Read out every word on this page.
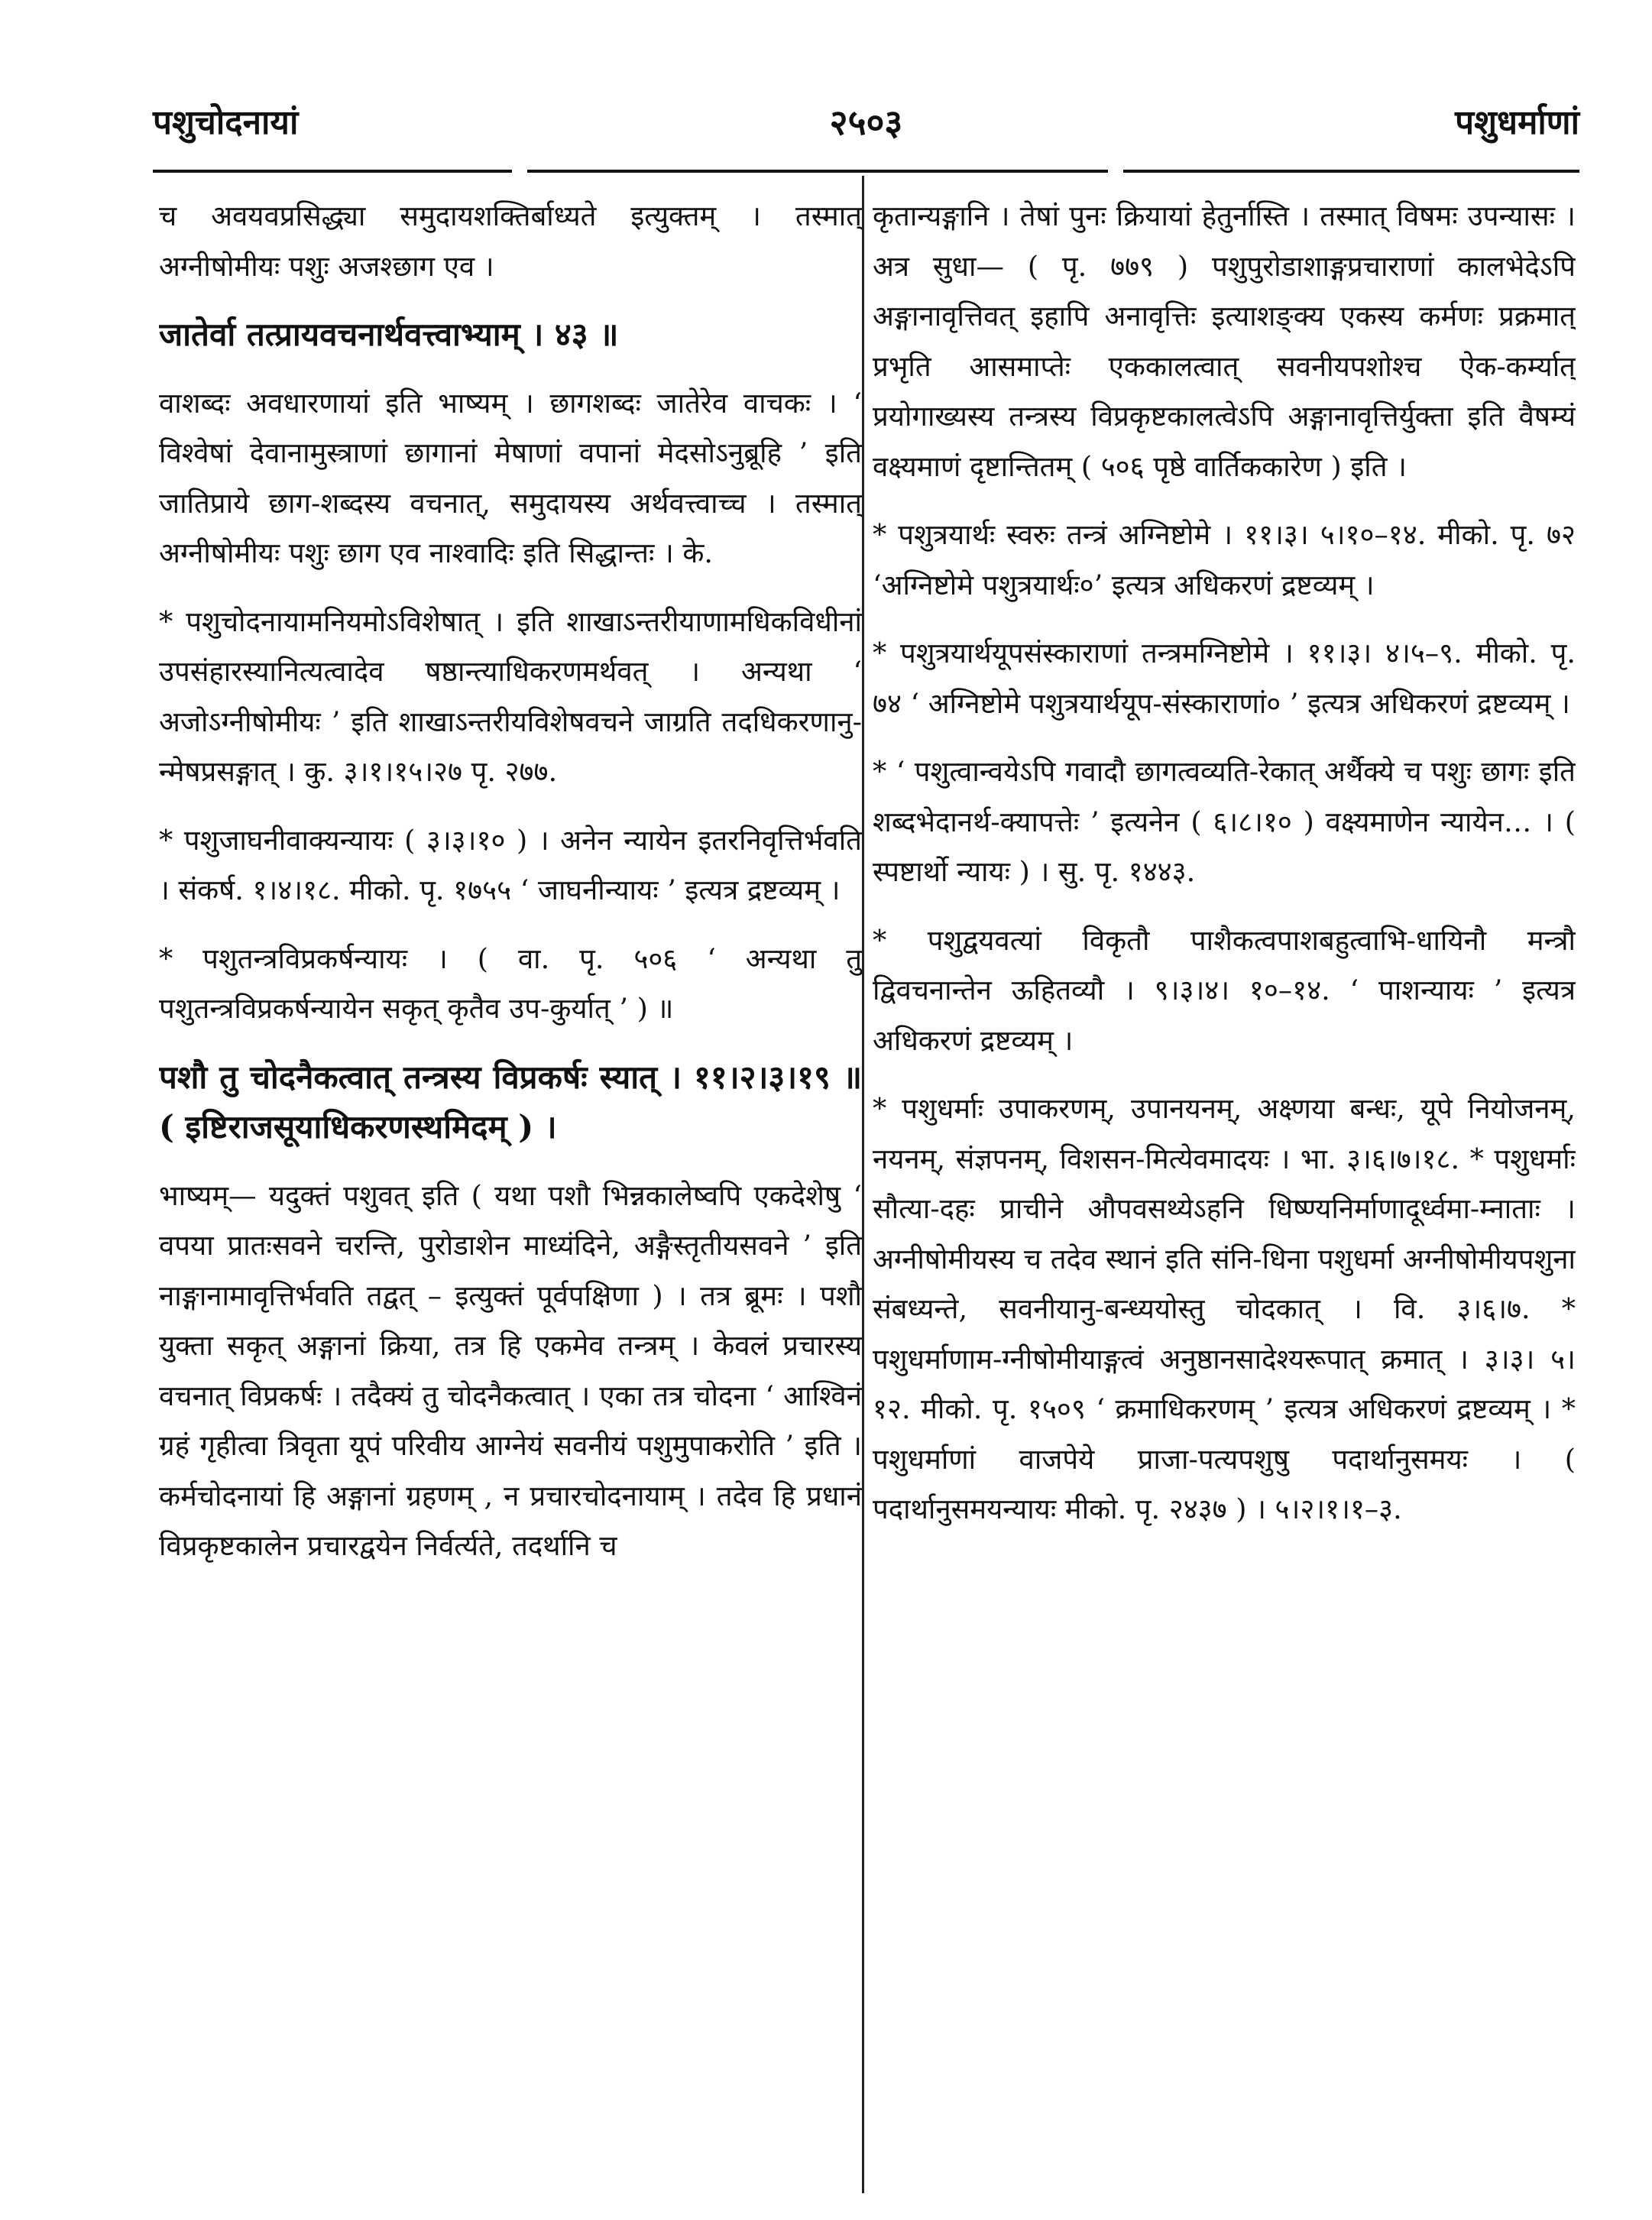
पशुचोदनायां	२५०३	पशुधर्माणां

च अवयवप्रसिद्ध्या समुदायशक्तिर्बाध्यते इत्युक्तम् । तस्मात् अग्नीषोमीयः पशुः अजश्छाग एव ।

जातेर्वा तत्प्रायवचनार्थवत्त्वाभ्याम् । ४३ ॥

वाशब्दः अवधारणायां इति भाष्यम् । छागशब्दः जातेरेव वाचकः । ‘ विश्वेषां देवानामुस्त्राणां छागानां मेषाणां वपानां मेदसोऽनुब्रूहि ’ इति जातिप्राये छाग-शब्दस्य वचनात्, समुदायस्य अर्थवत्त्वाच्च । तस्मात् अग्नीषोमीयः पशुः छाग एव नाश्वादिः इति सिद्धान्तः । के.

* पशुचोदनायामनियमोऽविशेषात् । इति शाखाऽन्तरीयाणामधिकविधीनां उपसंहारस्यानित्यत्वादेव षष्ठान्त्याधिकरणमर्थवत् । अन्यथा ‘ अजोऽग्नीषोमीयः ’ इति शाखाऽन्तरीयविशेषवचने जाग्रति तदधिकरणानु-न्मेषप्रसङ्गात् । कु. ३।१।१५।२७ पृ. २७७.

* पशुजाघनीवाक्यन्यायः ( ३।३।१० ) । अनेन न्यायेन इतरनिवृत्तिर्भवति । संकर्ष. १।४।१८. मीको. पृ. १७५५ ‘ जाघनीन्यायः ’ इत्यत्र द्रष्टव्यम् ।

* पशुतन्त्रविप्रकर्षन्यायः । ( वा. पृ. ५०६ ‘ अन्यथा तु पशुतन्त्रविप्रकर्षन्यायेन सकृत् कृतैव उप-कुर्यात् ’ ) ॥

पशौ तु चोदनैकत्वात् तन्त्रस्य विप्रकर्षः स्यात् । ११।२।३।१९ ॥ ( इष्टिराजसूयाधिकरणस्थमिदम् ) ।

भाष्यम्— यदुक्तं पशुवत् इति ( यथा पशौ भिन्नकालेष्वपि एकदेशेषु ‘ वपया प्रातःसवने चरन्ति, पुरोडाशेन माध्यंदिने, अङ्गैस्तृतीयसवने ’ इति नाङ्गानामावृत्तिर्भवति तद्वत् – इत्युक्तं पूर्वपक्षिणा ) । तत्र ब्रूमः । पशौ युक्ता सकृत् अङ्गानां क्रिया, तत्र हि एकमेव तन्त्रम् । केवलं प्रचारस्य वचनात् विप्रकर्षः । तदैक्यं तु चोदनैकत्वात् । एका तत्र चोदना ‘ आश्विनं ग्रहं गृहीत्वा त्रिवृता यूपं परिवीय आग्नेयं सवनीयं पशुमुपाकरोति ’ इति । कर्मचोदनायां हि अङ्गानां ग्रहणम् , न प्रचारचोदनायाम् । तदेव हि प्रधानं विप्रकृष्टकालेन प्रचारद्वयेन निर्वर्त्यते, तदर्थानि च

कृतान्यङ्गानि । तेषां पुनः क्रियायां हेतुर्नास्ति । तस्मात् विषमः उपन्यासः । अत्र सुधा— ( पृ. ७७९ ) पशुपुरोडाशाङ्गप्रचाराणां कालभेदेऽपि अङ्गानावृत्तिवत् इहापि अनावृत्तिः इत्याशङ्क्य एकस्य कर्मणः प्रक्रमात् प्रभृति आसमाप्तेः एककालत्वात् सवनीयपशोश्च ऐक-कर्म्यात् प्रयोगाख्यस्य तन्त्रस्य विप्रकृष्टकालत्वेऽपि अङ्गानावृत्तिर्युक्ता इति वैषम्यं वक्ष्यमाणं दृष्टान्तितम् ( ५०६ पृष्ठे वार्तिककारेण ) इति ।

* पशुत्रयार्थः स्वरुः तन्त्रं अग्निष्टोमे । ११।३। ५।१०–१४. मीको. पृ. ७२ ‘अग्निष्टोमे पशुत्रयार्थः०’ इत्यत्र अधिकरणं द्रष्टव्यम् ।

* पशुत्रयार्थयूपसंस्काराणां तन्त्रमग्निष्टोमे । ११।३। ४।५–९. मीको. पृ. ७४ ‘ अग्निष्टोमे पशुत्रयार्थयूप-संस्काराणां० ’ इत्यत्र अधिकरणं द्रष्टव्यम् ।

* ‘ पशुत्वान्वयेऽपि गवादौ छागत्वव्यति-रेकात् अर्थैक्ये च पशुः छागः इति शब्दभेदानर्थ-क्यापत्तेः ’ इत्यनेन ( ६।८।१० ) वक्ष्यमाणेन न्यायेन… । ( स्पष्टार्थो न्यायः ) । सु. पृ. १४४३.

* पशुद्वयवत्यां विकृतौ पाशैकत्वपाशबहुत्वाभि-धायिनौ मन्त्रौ द्विवचनान्तेन ऊहितव्यौ । ९।३।४। १०–१४. ‘ पाशन्यायः ’ इत्यत्र अधिकरणं द्रष्टव्यम् ।

* पशुधर्माः उपाकरणम्, उपानयनम्, अक्ष्णया बन्धः, यूपे नियोजनम्, नयनम्, संज्ञपनम्, विशसन-मित्येवमादयः । भा. ३।६।७।१८. * पशुधर्माः सौत्या-दहः प्राचीने औपवसथ्येऽहनि धिष्ण्यनिर्माणादूर्ध्वमा-म्नाताः । अग्नीषोमीयस्य च तदेव स्थानं इति संनि-धिना पशुधर्मा अग्नीषोमीयपशुना संबध्यन्ते, सवनीयानु-बन्ध्ययोस्तु चोदकात् । वि. ३।६।७. * पशुधर्माणाम-ग्नीषोमीयाङ्गत्वं अनुष्ठानसादेश्यरूपात् क्रमात् । ३।३। ५।१२. मीको. पृ. १५०९ ‘ क्रमाधिकरणम् ’ इत्यत्र अधिकरणं द्रष्टव्यम् । * पशुधर्माणां वाजपेये प्राजा-पत्यपशुषु पदार्थानुसमयः । ( पदार्थानुसमयन्यायः मीको. पृ. २४३७ ) । ५।२।१।१–३.
